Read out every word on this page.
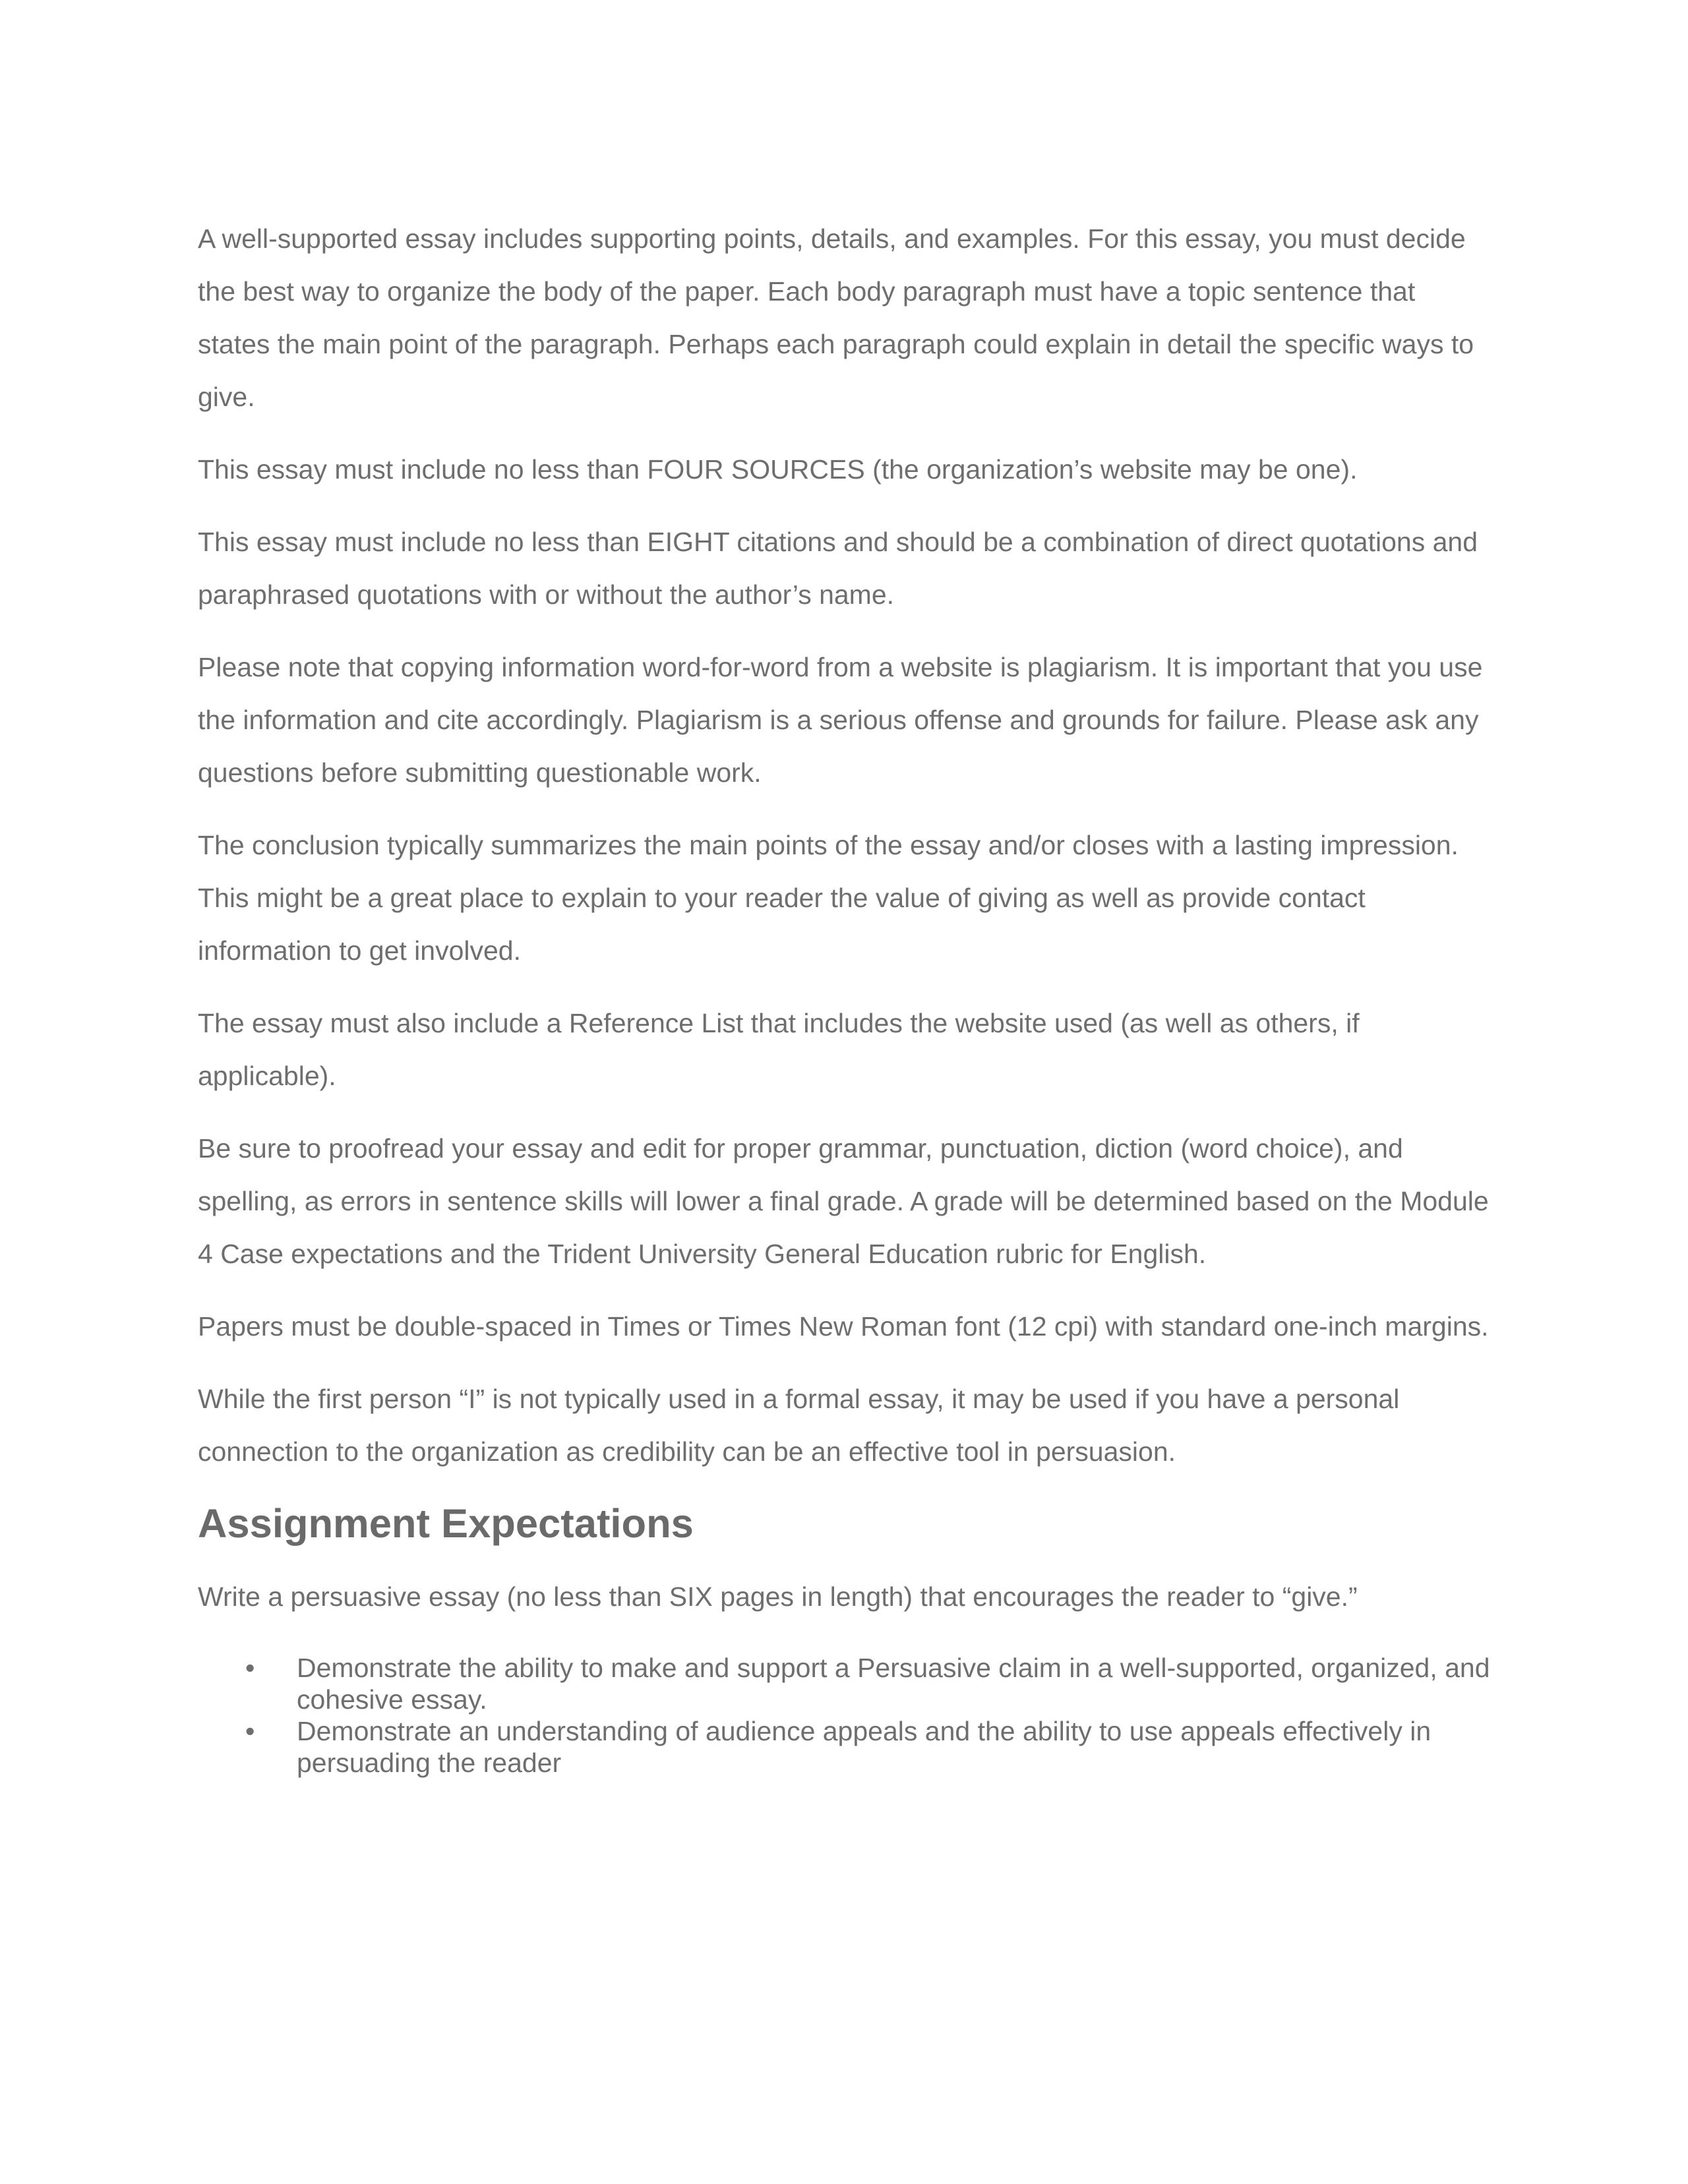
A well-supported essay includes supporting points, details, and examples. For this essay, you must decide the best way to organize the body of the paper. Each body paragraph must have a topic sentence that states the main point of the paragraph. Perhaps each paragraph could explain in detail the specific ways to give.

This essay must include no less than FOUR SOURCES (the organization’s website may be one).

This essay must include no less than EIGHT citations and should be a combination of direct quotations and paraphrased quotations with or without the author’s name.

Please note that copying information word-for-word from a website is plagiarism. It is important that you use the information and cite accordingly. Plagiarism is a serious offense and grounds for failure. Please ask any questions before submitting questionable work.

The conclusion typically summarizes the main points of the essay and/or closes with a lasting impression. This might be a great place to explain to your reader the value of giving as well as provide contact information to get involved.

The essay must also include a Reference List that includes the website used (as well as others, if applicable).

Be sure to proofread your essay and edit for proper grammar, punctuation, diction (word choice), and spelling, as errors in sentence skills will lower a final grade. A grade will be determined based on the Module 4 Case expectations and the Trident University General Education rubric for English.

Papers must be double-spaced in Times or Times New Roman font (12 cpi) with standard one-inch margins.

While the first person “I” is not typically used in a formal essay, it may be used if you have a personal connection to the organization as credibility can be an effective tool in persuasion.

Assignment Expectations

Write a persuasive essay (no less than SIX pages in length) that encourages the reader to “give.”

• Demonstrate the ability to make and support a Persuasive claim in a well-supported, organized, and cohesive essay.
• Demonstrate an understanding of audience appeals and the ability to use appeals effectively in persuading the reader
